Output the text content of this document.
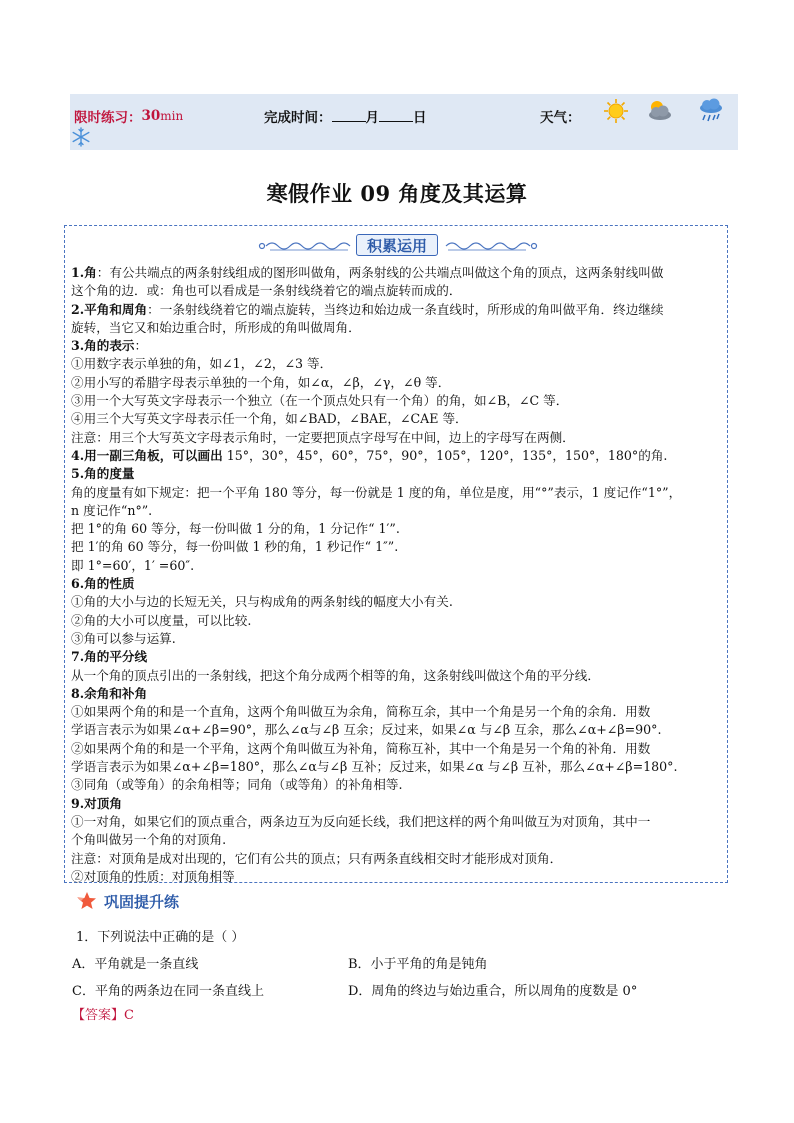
限时练习： 30 min	完成时间：	月	日	天气：
寒假作业 09 角度及其运算
积累运用
1.角：有公共端点的两条射线组成的图形叫做角，两条射线的公共端点叫做这个角的顶点，这两条射线叫做
这个角的边．或：角也可以看成是一条射线绕着它的端点旋转而成的．
2.平角和周角：一条射线绕着它的端点旋转，当终边和始边成一条直线时，所形成的角叫做平角．终边继续
旋转，当它又和始边重合时，所形成的角叫做周角．
3.角的表示：
①用数字表示单独的角，如∠1，∠2，∠3 等．
②用小写的希腊字母表示单独的一个角，如∠α，∠β，∠γ，∠θ 等．
③用一个大写英文字母表示一个独立（在一个顶点处只有一个角）的角，如∠B，∠C 等．
④用三个大写英文字母表示任一个角，如∠BAD，∠BAE，∠CAE 等．
注意：用三个大写英文字母表示角时，一定要把顶点字母写在中间，边上的字母写在两侧．
4.用一副三角板，可以画出 15°，30°，45°，60°，75°，90°，105°，120°，135°，150°，180°的角.
5.角的度量
角的度量有如下规定：把一个平角 180 等分，每一份就是 1 度的角，单位是度，用“°”表示，1 度记作“1°”，
n 度记作“n°”.
把 1°的角 60 等分，每一份叫做 1 分的角，1 分记作“ 1′”.
把 1′的角 60 等分，每一份叫做 1 秒的角，1 秒记作“ 1″”.
即 1°=60′，1′ =60″.
6.角的性质
①角的大小与边的长短无关，只与构成角的两条射线的幅度大小有关.
②角的大小可以度量，可以比较.
③角可以参与运算.
7.角的平分线
从一个角的顶点引出的一条射线，把这个角分成两个相等的角，这条射线叫做这个角的平分线．
8.余角和补角
①如果两个角的和是一个直角，这两个角叫做互为余角，简称互余，其中一个角是另一个角的余角．用数
学语言表示为如果∠α+∠β=90°，那么∠α与∠β 互余；反过来，如果∠α 与∠β 互余，那么∠α+∠β=90°.
②如果两个角的和是一个平角，这两个角叫做互为补角，简称互补，其中一个角是另一个角的补角．用数
学语言表示为如果∠α+∠β=180°，那么∠α与∠β 互补；反过来，如果∠α 与∠β 互补，那么∠α+∠β=180°.
③同角（或等角）的余角相等；同角（或等角）的补角相等.
9.对顶角
①一对角，如果它们的顶点重合，两条边互为反向延长线，我们把这样的两个角叫做互为对顶角，其中一
个角叫做另一个角的对顶角.
注意：对顶角是成对出现的，它们有公共的顶点；只有两条直线相交时才能形成对顶角．
②对顶角的性质：对顶角相等
巩固提升练
1．下列说法中正确的是（ ）
A．平角就是一条直线	B．小于平角的角是钝角
C．平角的两条边在同一条直线上	D．周角的终边与始边重合，所以周角的度数是 0°
【答案】C
